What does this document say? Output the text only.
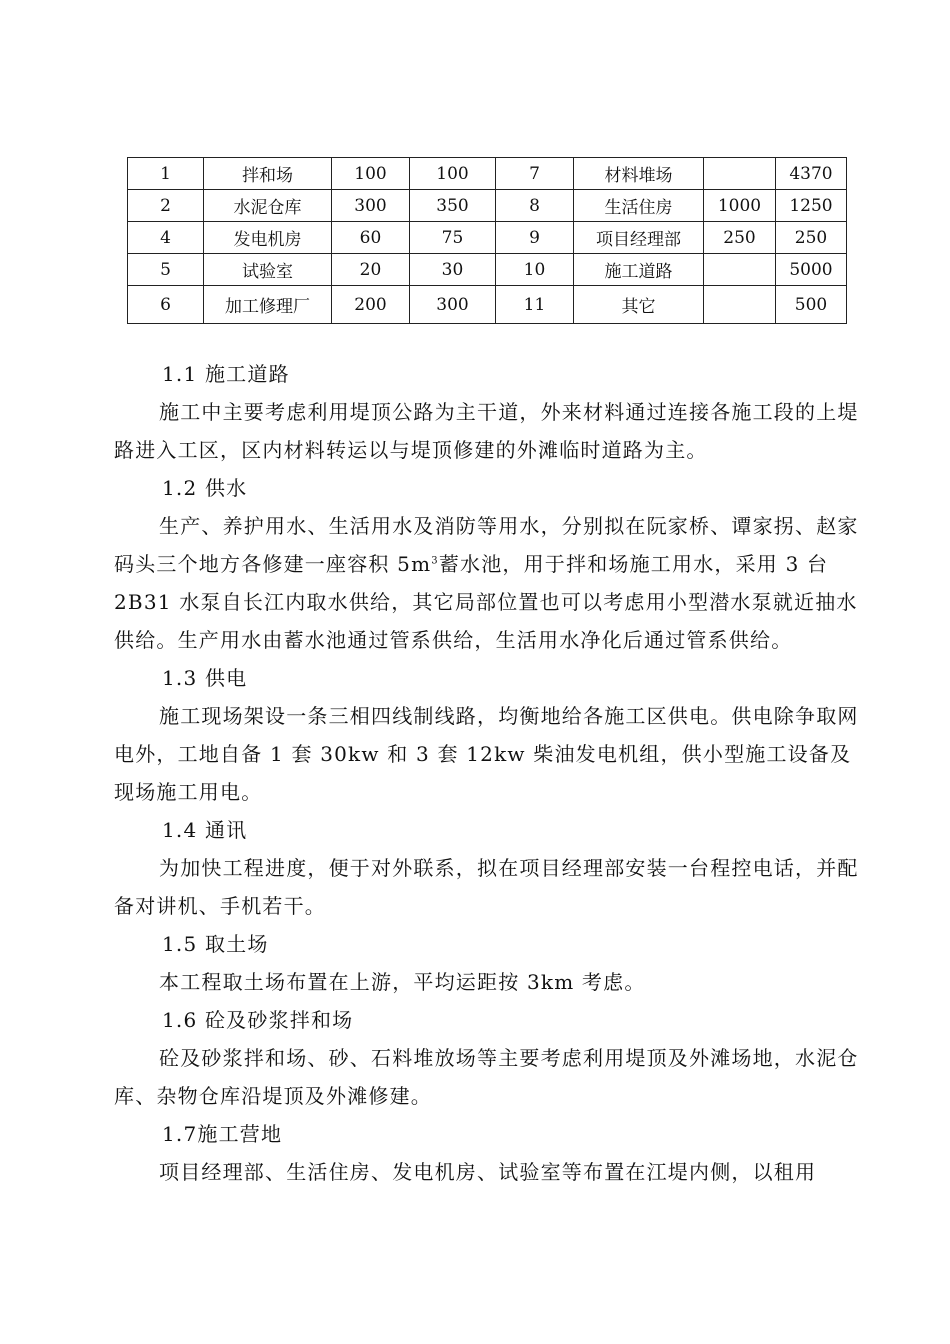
1	拌和场	100	100	7	材料堆场		4370
2	水泥仓库	300	350	8	生活住房	1000	1250
4	发电机房	60	75	9	项目经理部	250	250
5	试验室	20	30	10	施工道路		5000
6	加工修理厂	200	300	11	其它		500

1.1 施工道路

施工中主要考虑利用堤顶公路为主干道，外来材料通过连接各施工段的上堤路进入工区，区内材料转运以与堤顶修建的外滩临时道路为主。

1.2 供水

生产、养护用水、生活用水及消防等用水，分别拟在阮家桥、谭家拐、赵家码头三个地方各修建一座容积 $5m^3$蓄水池，用于拌和场施工用水，采用 3 台 2B31 水泵自长江内取水供给，其它局部位置也可以考虑用小型潜水泵就近抽水供给。生产用水由蓄水池通过管系供给，生活用水净化后通过管系供给。

1.3 供电

施工现场架设一条三相四线制线路，均衡地给各施工区供电。供电除争取网电外，工地自备 1 套 30kw 和 3 套 12kw 柴油发电机组，供小型施工设备及现场施工用电。

1.4 通讯

为加快工程进度，便于对外联系，拟在项目经理部安装一台程控电话，并配备对讲机、手机若干。

1.5 取土场

本工程取土场布置在上游，平均运距按 3km 考虑。

1.6 砼及砂浆拌和场

砼及砂浆拌和场、砂、石料堆放场等主要考虑利用堤顶及外滩场地，水泥仓库、杂物仓库沿堤顶及外滩修建。

1.7施工营地

项目经理部、生活住房、发电机房、试验室等布置在江堤内侧，以租用
